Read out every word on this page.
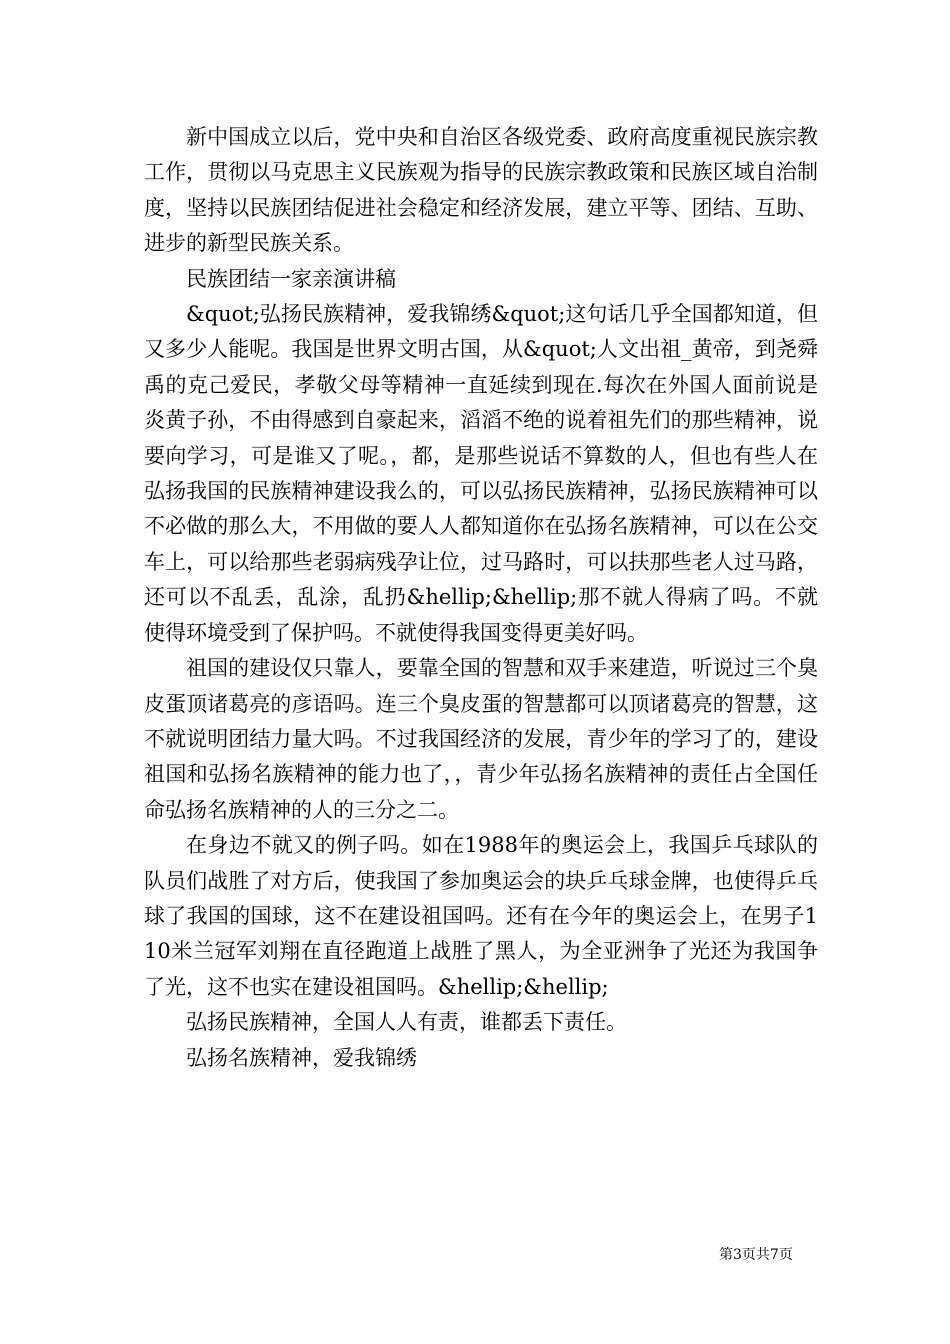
新中国成立以后，党中央和自治区各级党委、政府高度重视民族宗教工作，贯彻以马克思主义民族观为指导的民族宗教政策和民族区域自治制度，坚持以民族团结促进社会稳定和经济发展，建立平等、团结、互助、进步的新型民族关系。

民族团结一家亲演讲稿

&quot;弘扬民族精神，爱我锦绣&quot;这句话几乎全国都知道，但又多少人能呢。我国是世界文明古国，从&quot;人文出祖_黄帝，到尧舜禹的克己爱民，孝敬父母等精神一直延续到现在.每次在外国人面前说是炎黄子孙，不由得感到自豪起来，滔滔不绝的说着祖先们的那些精神，说要向学习，可是谁又了呢。，都，是那些说话不算数的人，但也有些人在弘扬我国的民族精神建设我么的，可以弘扬民族精神，弘扬民族精神可以不必做的那么大，不用做的要人人都知道你在弘扬名族精神，可以在公交车上，可以给那些老弱病残孕让位，过马路时，可以扶那些老人过马路，还可以不乱丢，乱涂，乱扔&hellip;&hellip;那不就人得病了吗。不就使得环境受到了保护吗。不就使得我国变得更美好吗。

祖国的建设仅只靠人，要靠全国的智慧和双手来建造，听说过三个臭皮蛋顶诸葛亮的彦语吗。连三个臭皮蛋的智慧都可以顶诸葛亮的智慧，这不就说明团结力量大吗。不过我国经济的发展，青少年的学习了的，建设祖国和弘扬名族精神的能力也了，，青少年弘扬名族精神的责任占全国任命弘扬名族精神的人的三分之二。

在身边不就又的例子吗。如在1988年的奥运会上，我国乒乓球队的队员们战胜了对方后，使我国了参加奥运会的块乒乓球金牌，也使得乒乓球了我国的国球，这不在建设祖国吗。还有在今年的奥运会上，在男子110米兰冠军刘翔在直径跑道上战胜了黑人，为全亚洲争了光还为我国争了光，这不也实在建设祖国吗。&hellip;&hellip;

弘扬民族精神，全国人人有责，谁都丢下责任。

弘扬名族精神，爱我锦绣

第3页共7页
